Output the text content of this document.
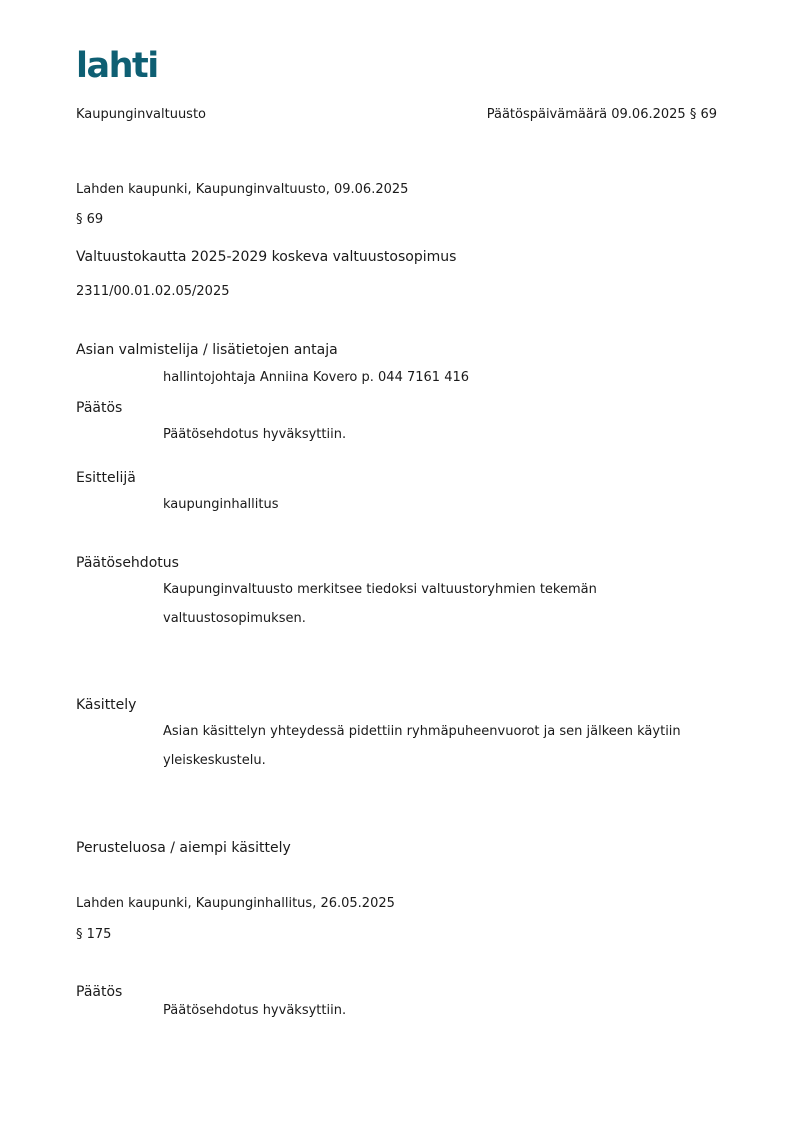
lahti
Kaupunginvaltuusto	Päätöspäivämäärä 09.06.2025 § 69
Lahden kaupunki, Kaupunginvaltuusto, 09.06.2025
§ 69
Valtuustokautta 2025-2029 koskeva valtuustosopimus
2311/00.01.02.05/2025
Asian valmistelija / lisätietojen antaja
hallintojohtaja Anniina Kovero p. 044 7161 416
Päätös
Päätösehdotus hyväksyttiin.
Esittelijä
kaupunginhallitus
Päätösehdotus
Kaupunginvaltuusto merkitsee tiedoksi valtuustoryhmien tekemän
valtuustosopimuksen.
Käsittely
Asian käsittelyn yhteydessä pidettiin ryhmäpuheenvuorot ja sen jälkeen käytiin
yleiskeskustelu.
Perusteluosa / aiempi käsittely
Lahden kaupunki, Kaupunginhallitus, 26.05.2025
§ 175
Päätös
Päätösehdotus hyväksyttiin.
